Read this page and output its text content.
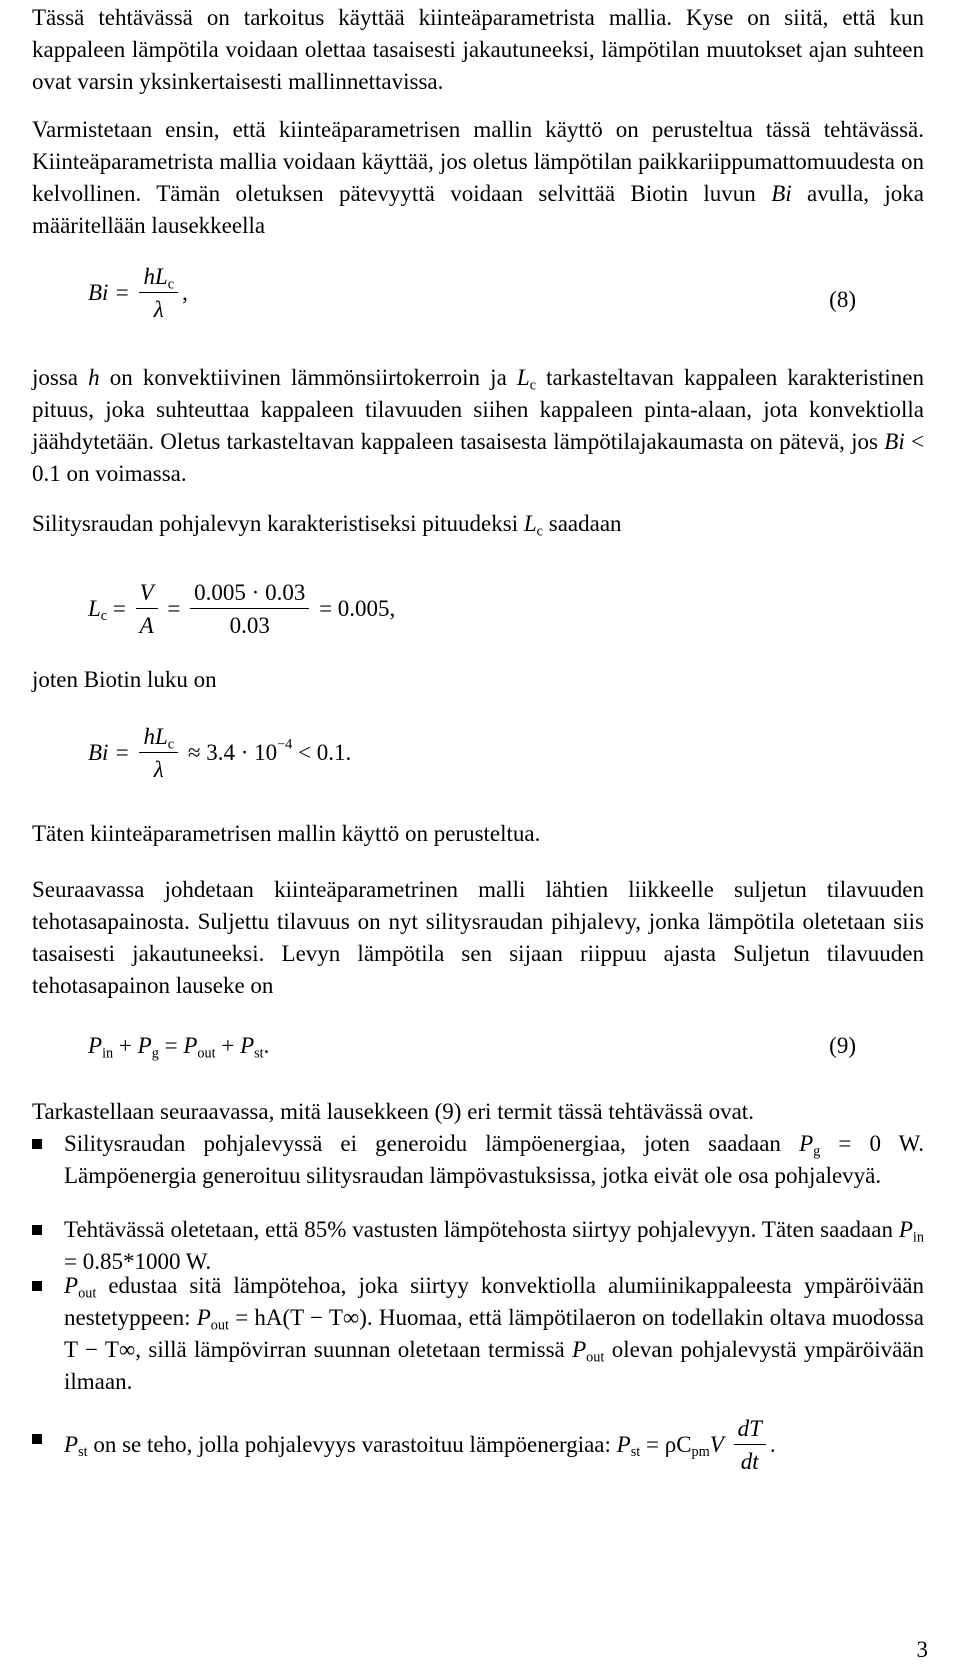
Tässä tehtävässä on tarkoitus käyttää kiinteäparametrista mallia. Kyse on siitä, että kun kappaleen lämpötila voidaan olettaa tasaisesti jakautuneeksi, lämpötilan muutokset ajan suhteen ovat varsin yksinkertaisesti mallinnettavissa.

Varmistetaan ensin, että kiinteäparametrisen mallin käyttö on perusteltua tässä tehtävässä. Kiinteäparametrista mallia voidaan käyttää, jos oletus lämpötilan paikkariippumattomuudesta on kelvollinen. Tämän oletuksen pätevyyttä voidaan selvittää Biotin luvun Bi avulla, joka määritellään lausekkeella

$Bi = \frac{hL_c}{\lambda}$ ,	(8)

jossa h on konvektiivinen lämmönsiirtokerroin ja $L_c$ tarkasteltavan kappaleen karakteristinen pituus, joka suhteuttaa kappaleen tilavuuden siihen kappaleen pinta-alaan, jota konvektiolla jäähdytetään. Oletus tarkasteltavan kappaleen tasaisesta lämpötilajakaumasta on pätevä, jos Bi < 0.1 on voimassa.

Silitysraudan pohjalevyn karakteristiseksi pituudeksi $L_c$ saadaan

$L_c = \frac{V}{A} = \frac{0.005 \cdot 0.03}{0.03} = 0.005$,

joten Biotin luku on

$Bi = \frac{hL_c}{\lambda} \approx 3.4 \cdot 10^{-4} < 0.1$.

Täten kiinteäparametrisen mallin käyttö on perusteltua.

Seuraavassa johdetaan kiinteäparametrinen malli lähtien liikkeelle suljetun tilavuuden tehotasapainosta. Suljettu tilavuus on nyt silitysraudan pihjalevy, jonka lämpötila oletetaan siis tasaisesti jakautuneeksi. Levyn lämpötila sen sijaan riippuu ajasta Suljetun tilavuuden tehotasapainon lauseke on

$P_{in} + P_g = P_{out} + P_{st}$.	(9)

Tarkastellaan seuraavassa, mitä lausekkeen (9) eri termit tässä tehtävässä ovat.

Silitysraudan pohjalevyssä ei generoidu lämpöenergiaa, joten saadaan $P_g = 0$ W. Lämpöenergia generoituu silitysraudan lämpövastuksissa, jotka eivät ole osa pohjalevyä.
Tehtävässä oletetaan, että 85% vastusten lämpötehosta siirtyy pohjalevyyn. Täten saadaan $P_{in} = 0.85*1000$ W.
$P_{out}$ edustaa sitä lämpötehoa, joka siirtyy konvektiolla alumiinikappaleesta ympäröivään nestetyppeen: $P_{out} = hA(T - T\infty)$. Huomaa, että lämpötilaeron on todellakin oltava muodossa T − T∞, sillä lämpövirran suunnan oletetaan termissä $P_{out}$ olevan pohjalevystä ympäröivään ilmaan.
$P_{st}$ on se teho, jolla pohjalevyys varastoituu lämpöenergiaa: $P_{st} = \rho C_{pm}V \frac{dT}{dt}$ .
3
